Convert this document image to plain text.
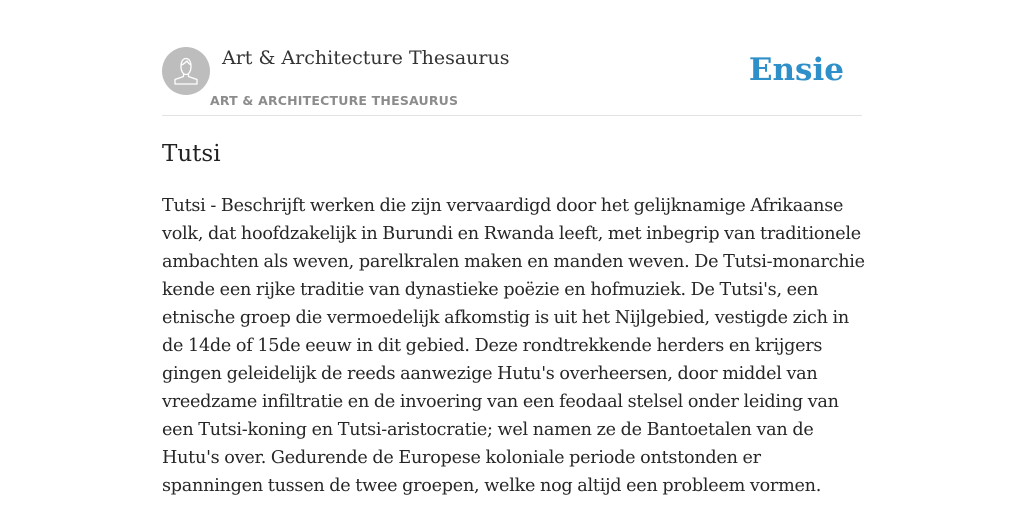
Art & Architecture Thesaurus
ART & ARCHITECTURE THESAURUS
Ensie
Tutsi

Tutsi - Beschrijft werken die zijn vervaardigd door het gelijknamige Afrikaanse volk, dat hoofdzakelijk in Burundi en Rwanda leeft, met inbegrip van traditionele ambachten als weven, parelkralen maken en manden weven. De Tutsi-monarchie kende een rijke traditie van dynastieke poëzie en hofmuziek. De Tutsi's, een etnische groep die vermoedelijk afkomstig is uit het Nijlgebied, vestigde zich in de 14de of 15de eeuw in dit gebied. Deze rondtrekkende herders en krijgers gingen geleidelijk de reeds aanwezige Hutu's overheersen, door middel van vreedzame infiltratie en de invoering van een feodaal stelsel onder leiding van een Tutsi-koning en Tutsi-aristocratie; wel namen ze de Bantoetalen van de Hutu's over. Gedurende de Europese koloniale periode ontstonden er spanningen tussen de twee groepen, welke nog altijd een probleem vormen.
